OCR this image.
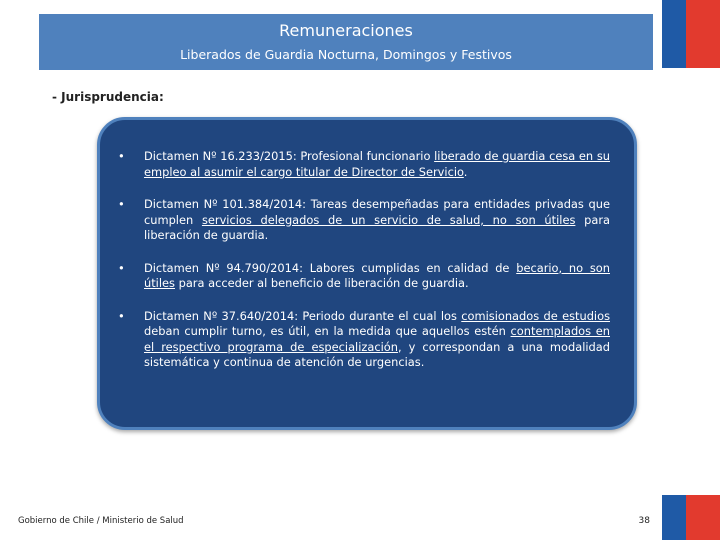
Remuneraciones
Liberados de Guardia Nocturna, Domingos y Festivos
- Jurisprudencia:
• Dictamen Nº 16.233/2015: Profesional funcionario liberado de guardia cesa en su empleo al asumir el cargo titular de Director de Servicio.
• Dictamen Nº 101.384/2014: Tareas desempeñadas para entidades privadas que cumplen servicios delegados de un servicio de salud, no son útiles para liberación de guardia.
• Dictamen Nº 94.790/2014: Labores cumplidas en calidad de becario, no son útiles para acceder al beneficio de liberación de guardia.
• Dictamen Nº 37.640/2014: Periodo durante el cual los comisionados de estudios deban cumplir turno, es útil, en la medida que aquellos estén contemplados en el respectivo programa de especialización, y correspondan a una modalidad sistemática y continua de atención de urgencias.
Gobierno de Chile / Ministerio de Salud	38
